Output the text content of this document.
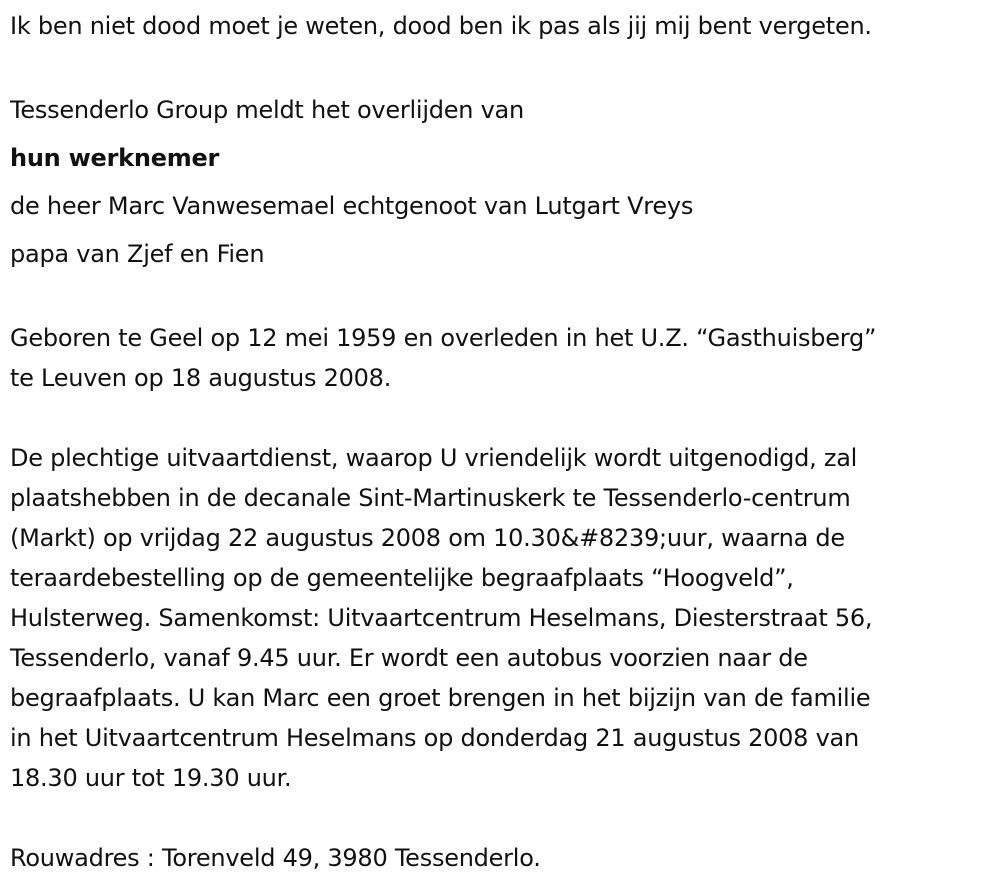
Ik ben niet dood moet je weten, dood ben ik pas als jij mij bent vergeten.

Tessenderlo Group meldt het overlijden van

hun werknemer

de heer Marc Vanwesemael echtgenoot van Lutgart Vreys

papa van Zjef en Fien

Geboren te Geel op 12 mei 1959 en overleden in het U.Z. “Gasthuisberg”

te Leuven op 18 augustus 2008.

De plechtige uitvaartdienst, waarop U vriendelijk wordt uitgenodigd, zal

plaatshebben in de decanale Sint-Martinuskerk te Tessenderlo-centrum

(Markt) op vrijdag 22 augustus 2008 om 10.30&#8239;uur, waarna de

teraardebestelling op de gemeentelijke begraafplaats “Hoogveld”,

Hulsterweg. Samenkomst: Uitvaartcentrum Heselmans, Diesterstraat 56,

Tessenderlo, vanaf 9.45 uur. Er wordt een autobus voorzien naar de

begraafplaats. U kan Marc een groet brengen in het bijzijn van de familie

in het Uitvaartcentrum Heselmans op donderdag 21 augustus 2008 van

18.30 uur tot 19.30 uur.

Rouwadres : Torenveld 49, 3980 Tessenderlo.
